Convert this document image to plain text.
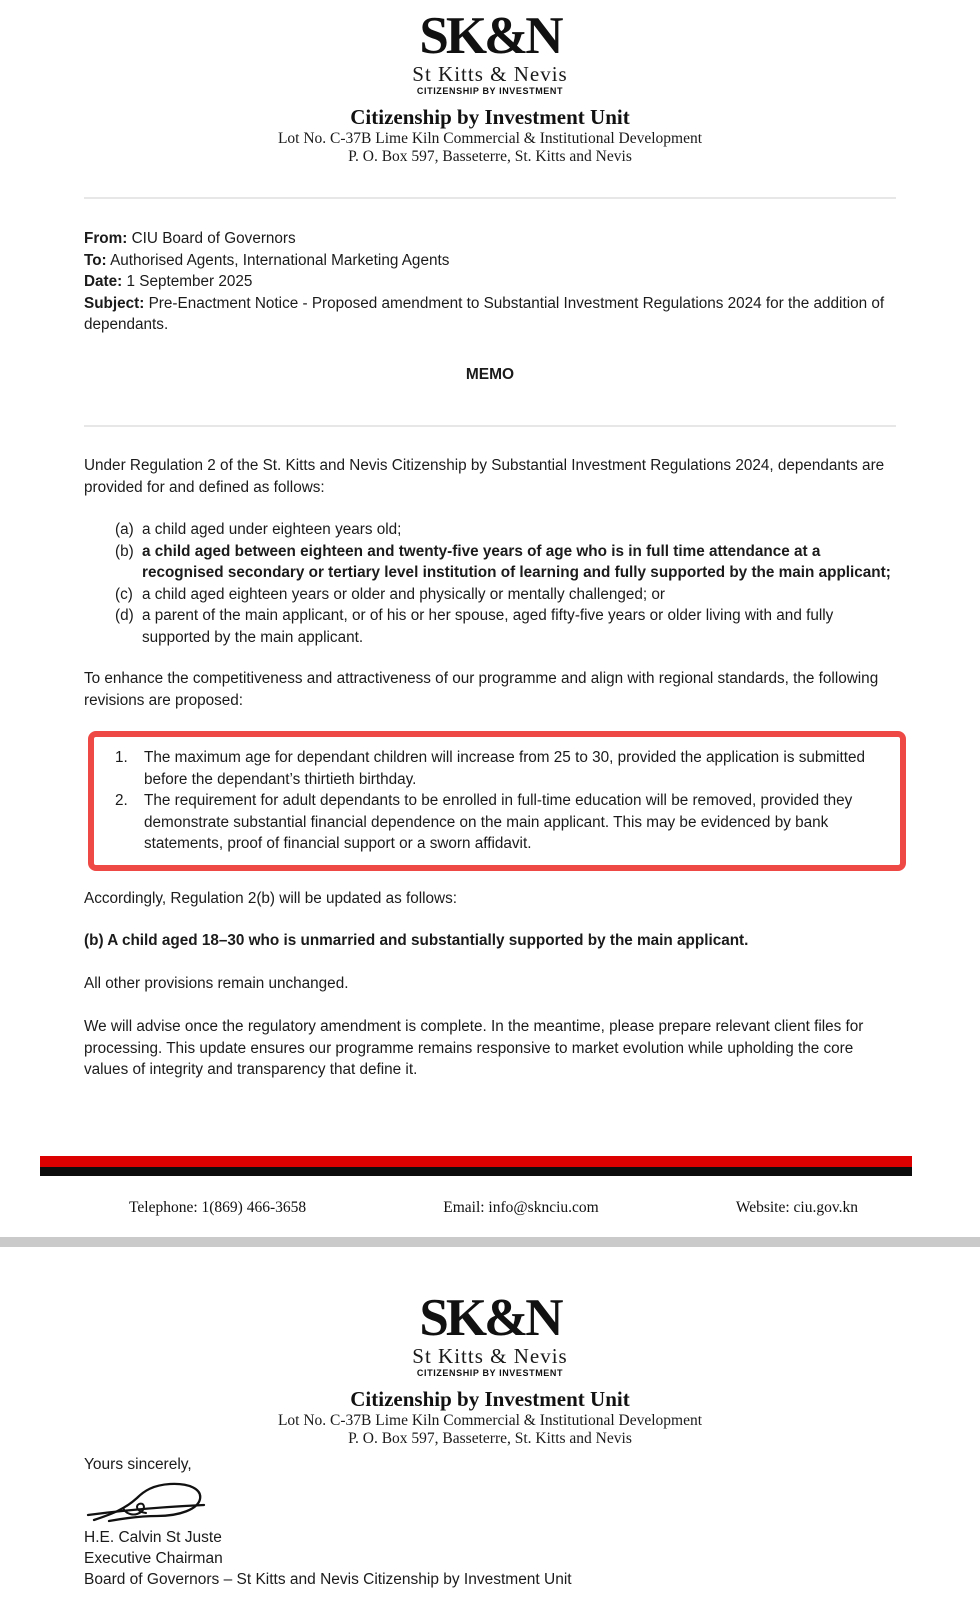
SK&N
St Kitts & Nevis
CITIZENSHIP BY INVESTMENT
Citizenship by Investment Unit
Lot No. C-37B Lime Kiln Commercial & Institutional Development
P. O. Box 597, Basseterre, St. Kitts and Nevis

From: CIU Board of Governors

To: Authorised Agents, International Marketing Agents

Date: 1 September 2025

Subject: Pre-Enactment Notice - Proposed amendment to Substantial Investment Regulations 2024 for the addition of dependants.

MEMO

Under Regulation 2 of the St. Kitts and Nevis Citizenship by Substantial Investment Regulations 2024, dependants are provided for and defined as follows:

(a) a child aged under eighteen years old;
(b) a child aged between eighteen and twenty-five years of age who is in full time attendance at a recognised secondary or tertiary level institution of learning and fully supported by the main applicant;
(c) a child aged eighteen years or older and physically or mentally challenged; or
(d) a parent of the main applicant, or of his or her spouse, aged fifty-five years or older living with and fully supported by the main applicant.

To enhance the competitiveness and attractiveness of our programme and align with regional standards, the following revisions are proposed:

1.	The maximum age for dependant children will increase from 25 to 30, provided the application is submitted before the dependant’s thirtieth birthday.
2.	The requirement for adult dependants to be enrolled in full-time education will be removed, provided they demonstrate substantial financial dependence on the main applicant. This may be evidenced by bank statements, proof of financial support or a sworn affidavit.

Accordingly, Regulation 2(b) will be updated as follows:

(b) A child aged 18–30 who is unmarried and substantially supported by the main applicant.

All other provisions remain unchanged.

We will advise once the regulatory amendment is complete. In the meantime, please prepare relevant client files for processing. This update ensures our programme remains responsive to market evolution while upholding the core values of integrity and transparency that define it.

Telephone: 1(869) 466-3658	Email: info@sknciu.com	Website: ciu.gov.kn
SK&N
St Kitts & Nevis
CITIZENSHIP BY INVESTMENT
Citizenship by Investment Unit
Lot No. C-37B Lime Kiln Commercial & Institutional Development
P. O. Box 597, Basseterre, St. Kitts and Nevis

Yours sincerely,

H.E. Calvin St Juste

Executive Chairman

Board of Governors – St Kitts and Nevis Citizenship by Investment Unit
